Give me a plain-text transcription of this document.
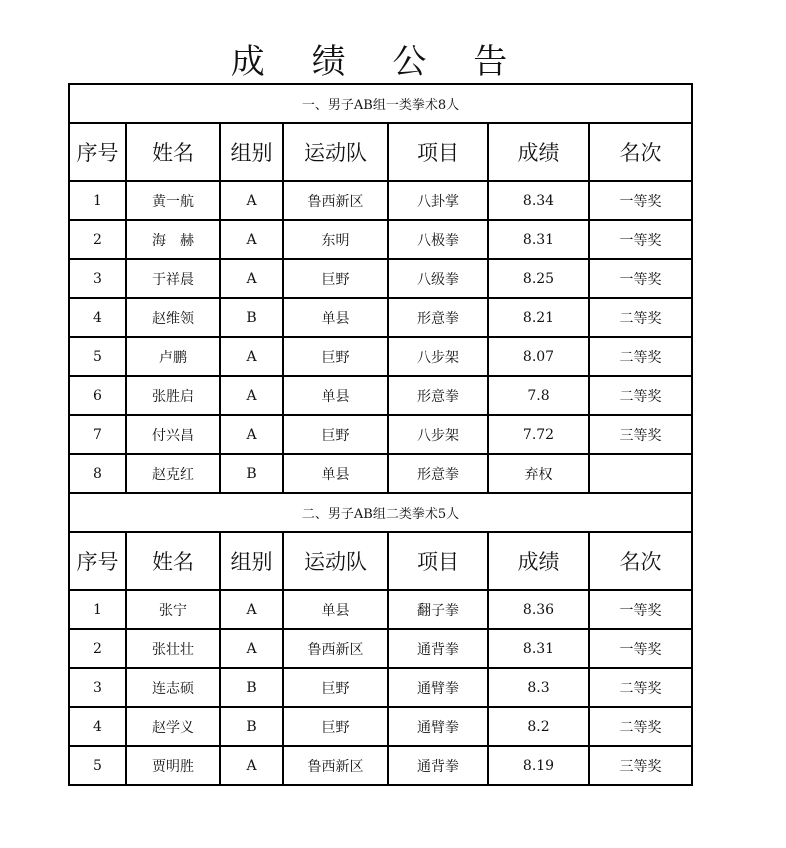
成 绩 公 告
一、男子AB组一类拳术8人						
序号	姓名	组别	运动队	项目	成绩	名次
1	黄一航	A	鲁西新区	八卦掌	8.34	一等奖
2	海　赫	A	东明	八极拳	8.31	一等奖
3	于祥晨	A	巨野	八级拳	8.25	一等奖
4	赵维领	B	单县	形意拳	8.21	二等奖
5	卢鹏	A	巨野	八步架	8.07	二等奖
6	张胜启	A	单县	形意拳	7.8	二等奖
7	付兴昌	A	巨野	八步架	7.72	三等奖
8	赵克红	B	单县	形意拳	弃权	
二、男子AB组二类拳术5人						
序号	姓名	组别	运动队	项目	成绩	名次
1	张宁	A	单县	翻子拳	8.36	一等奖
2	张壮壮	A	鲁西新区	通背拳	8.31	一等奖
3	连志硕	B	巨野	通臂拳	8.3	二等奖
4	赵学义	B	巨野	通臂拳	8.2	二等奖
5	贾明胜	A	鲁西新区	通背拳	8.19	三等奖
